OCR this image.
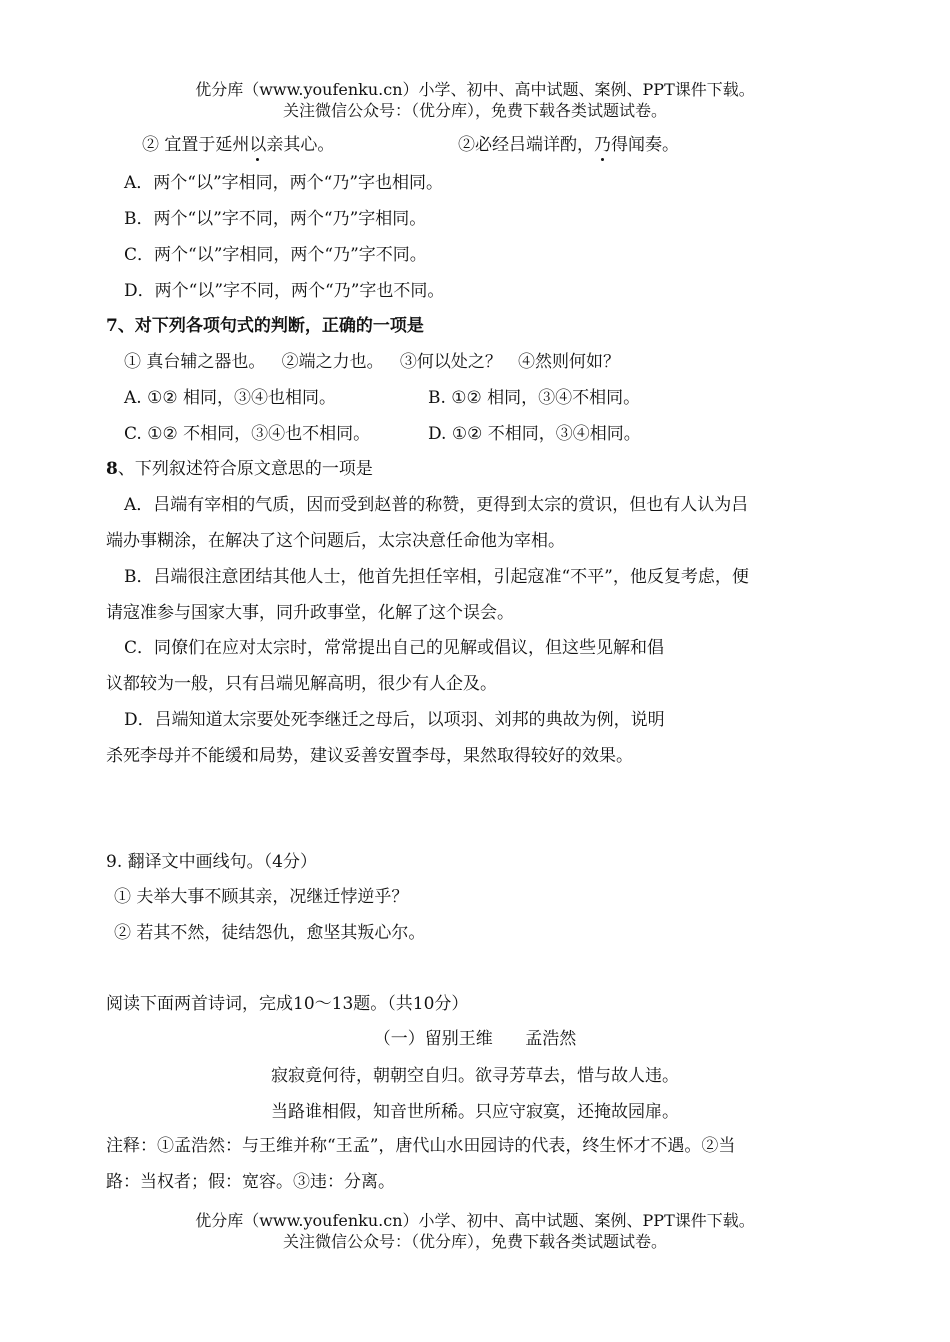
优分库（www.youfenku.cn）小学、初中、高中试题、案例、PPT课件下载。
关注微信公众号：（优分库），免费下载各类试题试卷。
② 宜置于延州以亲其心。	②必经吕端详酌，乃得闻奏。
A．两个“以”字相同，两个“乃”字也相同。
B．两个“以”字不同，两个“乃”字相同。
C．两个“以”字相同，两个“乃”字不同。
D．两个“以”字不同，两个“乃”字也不同。
7、对下列各项句式的判断，正确的一项是
① 真台辅之器也。   ②端之力也。   ③何以处之？   ④然则何如？
A. ①② 相同，③④也相同。	B. ①② 相同，③④不相同。
C. ①② 不相同，③④也不相同。	D. ①② 不相同，③④相同。
8、下列叙述符合原文意思的一项是
A．吕端有宰相的气质，因而受到赵普的称赞，更得到太宗的赏识，但也有人认为吕
端办事糊涂，在解决了这个问题后，太宗决意任命他为宰相。
B．吕端很注意团结其他人士，他首先担任宰相，引起寇准“不平”，他反复考虑，便
请寇准参与国家大事，同升政事堂，化解了这个误会。
C．同僚们在应对太宗时，常常提出自己的见解或倡议，但这些见解和倡
议都较为一般，只有吕端见解高明，很少有人企及。
D．吕端知道太宗要处死李继迁之母后，以项羽、刘邦的典故为例，说明
杀死李母并不能缓和局势，建议妥善安置李母，果然取得较好的效果。
9. 翻译文中画线句。（4分）
① 夫举大事不顾其亲，况继迁悖逆乎？
② 若其不然，徒结怨仇，愈坚其叛心尔。
阅读下面两首诗词，完成10～13题。（共10分）
（一）留别王维      孟浩然
寂寂竟何待，朝朝空自归。欲寻芳草去，惜与故人违。
当路谁相假，知音世所稀。只应守寂寞，还掩故园扉。
注释：①孟浩然：与王维并称“王孟”，唐代山水田园诗的代表，终生怀才不遇。②当
路：当权者；假：宽容。③违：分离。
优分库（www.youfenku.cn）小学、初中、高中试题、案例、PPT课件下载。
关注微信公众号：（优分库），免费下载各类试题试卷。
